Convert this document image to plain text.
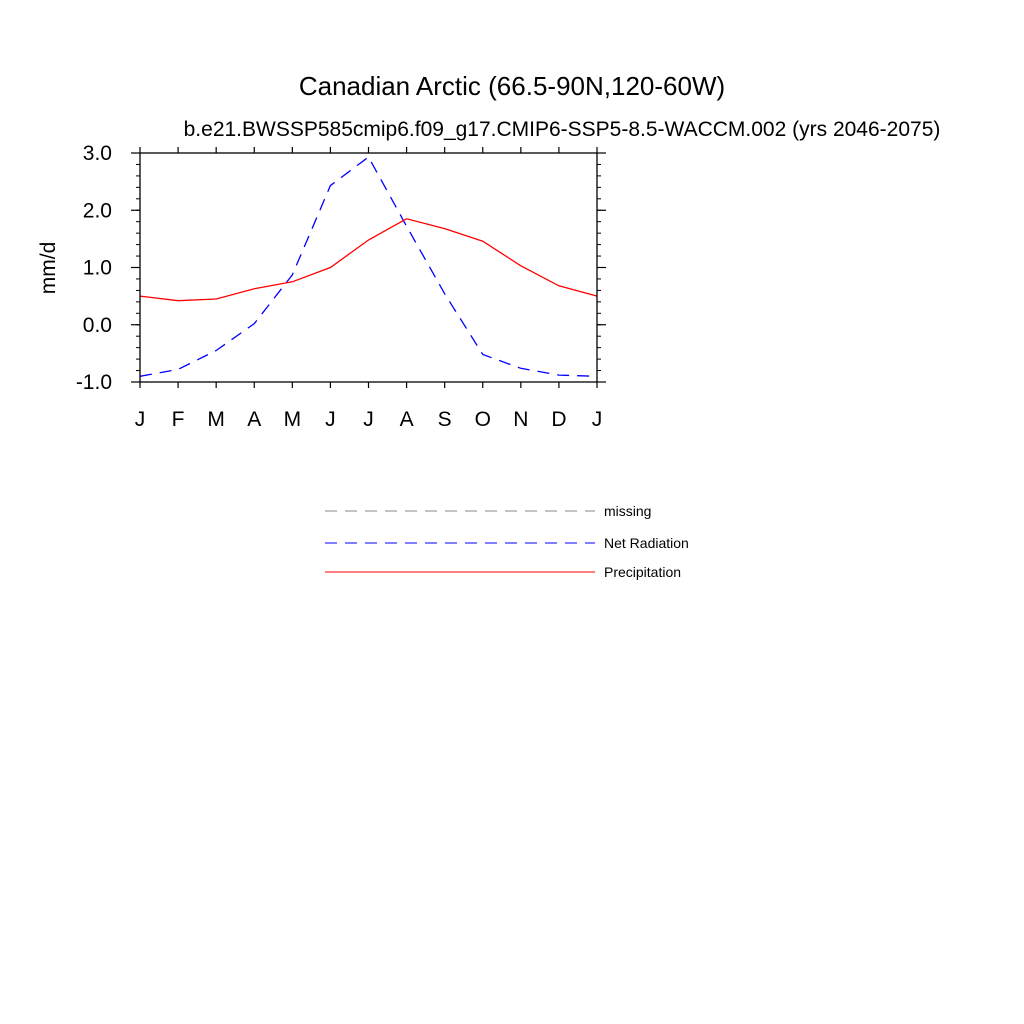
Canadian Arctic (66.5-90N,120-60W)
b.e21.BWSSP585cmip6.f09_g17.CMIP6-SSP5-8.5-WACCM.002 (yrs 2046-2075)
mm/d
J F M A M J J A S O N D J
-1.0
0.0
1.0
2.0
3.0
missing
Net Radiation
Precipitation
